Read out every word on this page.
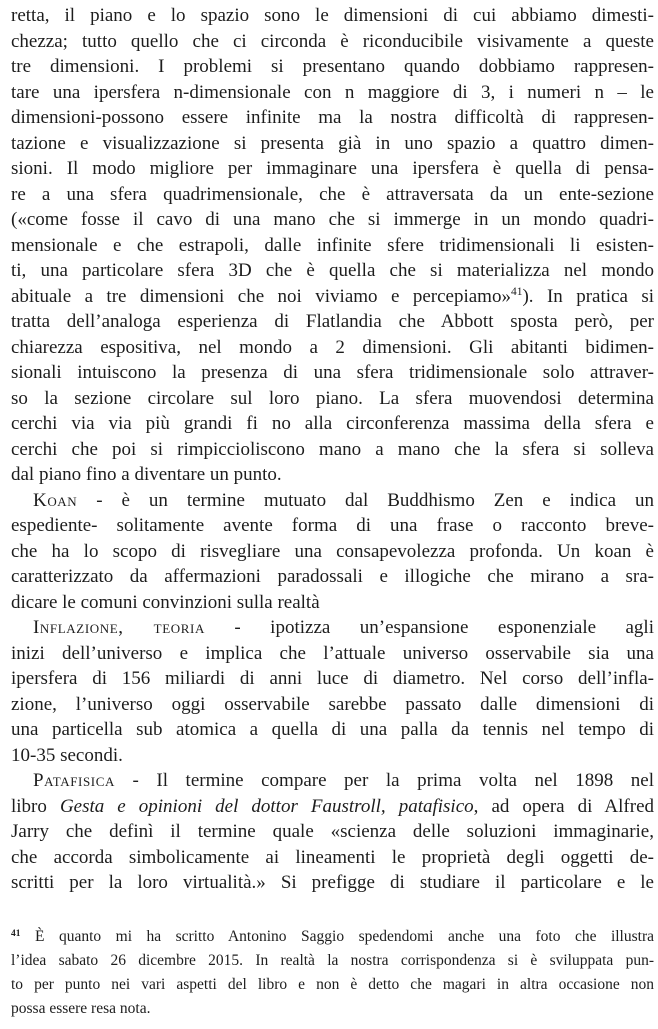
retta, il piano e lo spazio sono le dimensioni di cui abbiamo dimesti-

chezza; tutto quello che ci circonda è riconducibile visivamente a queste

tre dimensioni. I problemi si presentano quando dobbiamo rappresen-

tare una ipersfera n-dimensionale con n maggiore di 3, i numeri n – le

dimensioni-possono essere infinite ma la nostra difficoltà di rappresen-

tazione e visualizzazione si presenta già in uno spazio a quattro dimen-

sioni. Il modo migliore per immaginare una ipersfera è quella di pensa-

re a una sfera quadrimensionale, che è attraversata da un ente-sezione

(«come fosse il cavo di una mano che si immerge in un mondo quadri-

mensionale e che estrapoli, dalle infinite sfere tridimensionali li esisten-

ti, una particolare sfera 3D che è quella che si materializza nel mondo

abituale a tre dimensioni che noi viviamo e percepiamo»$^{41}$). In pratica si

tratta dell’analoga esperienza di Flatlandia che Abbott sposta però, per

chiarezza espositiva, nel mondo a 2 dimensioni. Gli abitanti bidimen-

sionali intuiscono la presenza di una sfera tridimensionale solo attraver-

so la sezione circolare sul loro piano. La sfera muovendosi determina

cerchi via via più grandi fi no alla circonferenza massima della sfera e

cerchi che poi si rimpiccioliscono mano a mano che la sfera si solleva

dal piano fino a diventare un punto.

Koan - è un termine mutuato dal Buddhismo Zen e indica un

espediente- solitamente avente forma di una frase o racconto breve-

che ha lo scopo di risvegliare una consapevolezza profonda. Un koan è

caratterizzato da affermazioni paradossali e illogiche che mirano a sra-

dicare le comuni convinzioni sulla realtà

Inflazione, teoria - ipotizza un’espansione esponenziale agli

inizi dell’universo e implica che l’attuale universo osservabile sia una

ipersfera di 156 miliardi di anni luce di diametro. Nel corso dell’infla-

zione, l’universo oggi osservabile sarebbe passato dalle dimensioni di

una particella sub atomica a quella di una palla da tennis nel tempo di

10-35 secondi.

Patafisica - Il termine compare per la prima volta nel 1898 nel

libro Gesta e opinioni del dottor Faustroll, patafisico, ad opera di Alfred

Jarry che definì il termine quale «scienza delle soluzioni immaginarie,

che accorda simbolicamente ai lineamenti le proprietà degli oggetti de-

scritti per la loro virtualità.» Si prefigge di studiare il particolare e le

$^{41}$ È quanto mi ha scritto Antonino Saggio spedendomi anche una foto che illustra

l’idea sabato 26 dicembre 2015. In realtà la nostra corrispondenza si è sviluppata pun-

to per punto nei vari aspetti del libro e non è detto che magari in altra occasione non

possa essere resa nota.
